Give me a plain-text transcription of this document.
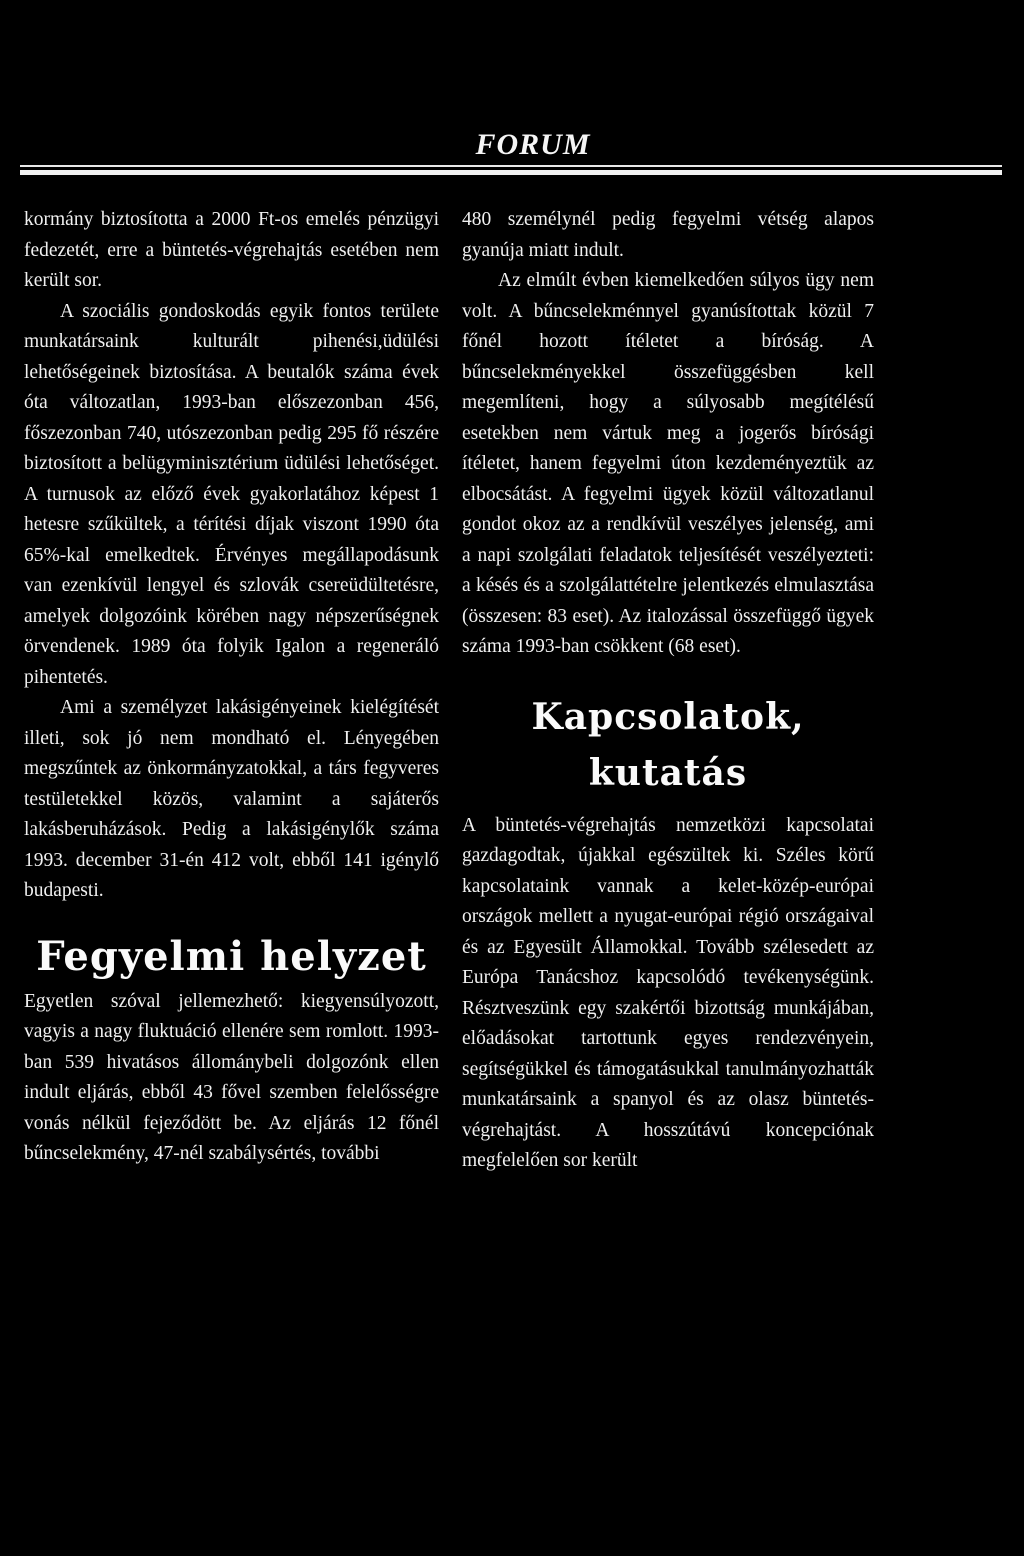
FORUM

kormány biztosította a 2000 Ft-os emelés pénzügyi fedezetét, erre a büntetés-végrehajtás esetében nem került sor.

A szociális gondoskodás egyik fontos területe munkatársaink kulturált pihenési,üdülési lehetőségeinek biztosítása. A beutalók száma évek óta változatlan, 1993-ban előszezonban 456, főszezonban 740, utószezonban pedig 295 fő részére biztosított a belügyminisztérium üdülési lehetőséget. A turnusok az előző évek gyakorlatához képest 1 hetesre szűkültek, a térítési díjak viszont 1990 óta 65%-kal emelkedtek. Érvényes megállapodásunk van ezenkívül lengyel és szlovák csereüdültetésre, amelyek dolgozóink körében nagy népszerűségnek örvendenek. 1989 óta folyik Igalon a regeneráló pihentetés.

Ami a személyzet lakásigényeinek kielégítését illeti, sok jó nem mondható el. Lényegében megszűntek az önkormányzatokkal, a társ fegyveres testületekkel közös, valamint a sajáterős lakásberuházások. Pedig a lakásigénylők száma 1993. december 31-én 412 volt, ebből 141 igénylő budapesti.

Fegyelmi helyzet

Egyetlen szóval jellemezhető: kiegyensúlyozott, vagyis a nagy fluktuáció ellenére sem romlott. 1993-ban 539 hivatásos állománybeli dolgozónk ellen indult eljárás, ebből 43 fővel szemben felelősségre vonás nélkül fejeződött be. Az eljárás 12 főnél bűncselekmény, 47-nél szabálysértés, további

480 személynél pedig fegyelmi vétség alapos gyanúja miatt indult.

Az elmúlt évben kiemelkedően súlyos ügy nem volt. A bűncselekménnyel gyanúsítottak közül 7 főnél hozott ítéletet a bíróság. A bűncselekményekkel összefüggésben kell megemlíteni, hogy a súlyosabb megítélésű esetekben nem vártuk meg a jogerős bírósági ítéletet, hanem fegyelmi úton kezdeményeztük az elbocsátást. A fegyelmi ügyek közül változatlanul gondot okoz az a rendkívül veszélyes jelenség, ami a napi szolgálati feladatok teljesítését veszélyezteti: a késés és a szolgálattételre jelentkezés elmulasztása (összesen: 83 eset). Az italozással összefüggő ügyek száma 1993-ban csökkent (68 eset).

Kapcsolatok,
kutatás

A büntetés-végrehajtás nemzetközi kapcsolatai gazdagodtak, újakkal egészültek ki. Széles körű kapcsolataink vannak a kelet-közép-európai országok mellett a nyugat-európai régió országaival és az Egyesült Államokkal. Tovább szélesedett az Európa Tanácshoz kapcsolódó tevékenységünk. Résztveszünk egy szakértői bizottság munkájában, előadásokat tartottunk egyes rendezvényein, segítségükkel és támogatásukkal tanulmányozhatták munkatársaink a spanyol és az olasz büntetés-végrehajtást. A hosszútávú koncepciónak megfelelően sor került
